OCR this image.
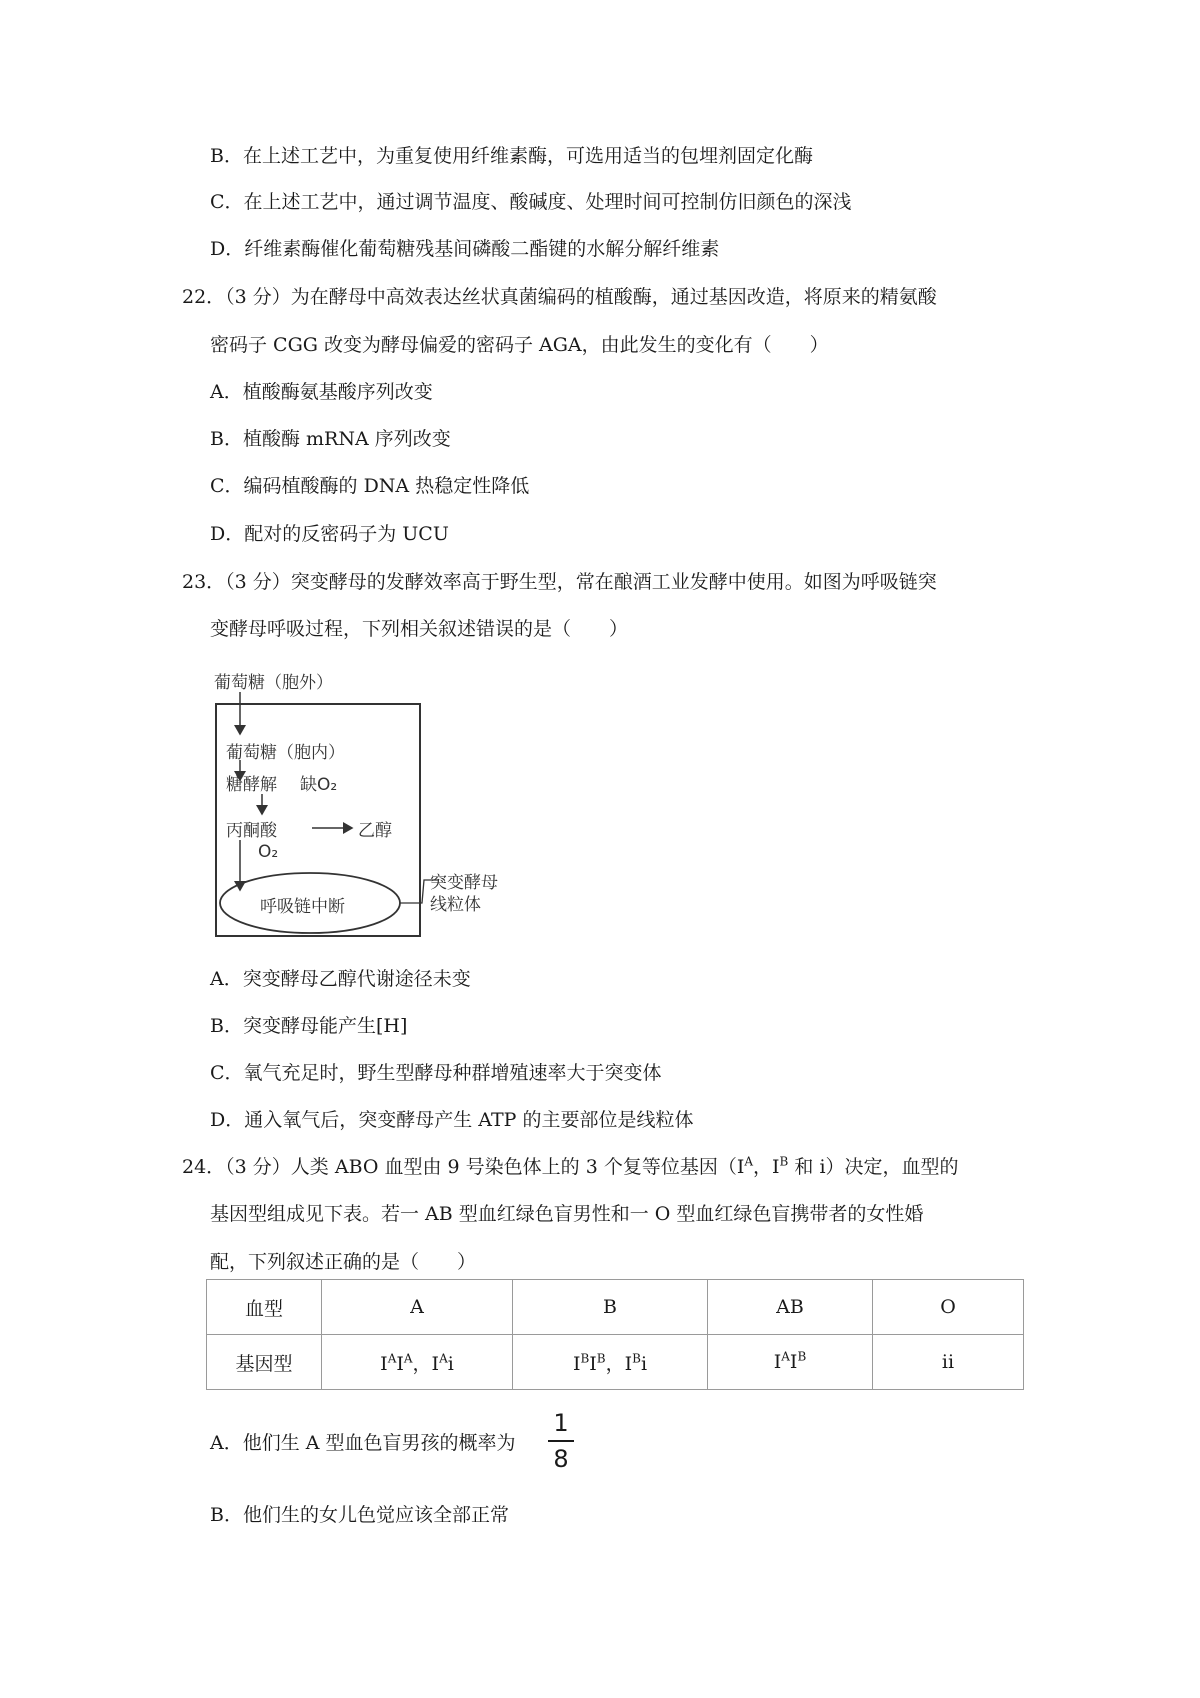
B．在上述工艺中，为重复使用纤维素酶，可选用适当的包埋剂固定化酶
C．在上述工艺中，通过调节温度、酸碱度、处理时间可控制仿旧颜色的深浅
D．纤维素酶催化葡萄糖残基间磷酸二酯键的水解分解纤维素
22．（3 分）为在酵母中高效表达丝状真菌编码的植酸酶，通过基因改造，将原来的精氨酸
密码子 CGG 改变为酵母偏爱的密码子 AGA，由此发生的变化有（　　）
A．植酸酶氨基酸序列改变
B．植酸酶 mRNA 序列改变
C．编码植酸酶的 DNA 热稳定性降低
D．配对的反密码子为 UCU
23．（3 分）突变酵母的发酵效率高于野生型，常在酿酒工业发酵中使用。如图为呼吸链突
变酵母呼吸过程，下列相关叙述错误的是（　　）
葡萄糖（胞外）
葡萄糖（胞内）
糖酵解 缺O₂
丙酮酸	乙醇
O₂
呼吸链中断
突变酵母
线粒体
A．突变酵母乙醇代谢途径未变
B．突变酵母能产生[H]
C．氧气充足时，野生型酵母种群增殖速率大于突变体
D．通入氧气后，突变酵母产生 ATP 的主要部位是线粒体
24．（3 分）人类 ABO 血型由 9 号染色体上的 3 个复等位基因（$I^A$，$I^B$ 和 i）决定，血型的
基因型组成见下表。若一 AB 型血红绿色盲男性和一 O 型血红绿色盲携带者的女性婚
配，下列叙述正确的是（　　）
血型	A	B	AB	O
基因型	$I^AI^A$，$I^Ai$	$I^BI^B$，$I^Bi$	$I^AI^B$	ii
A．他们生 A 型血色盲男孩的概率为
1
8
B．他们生的女儿色觉应该全部正常
